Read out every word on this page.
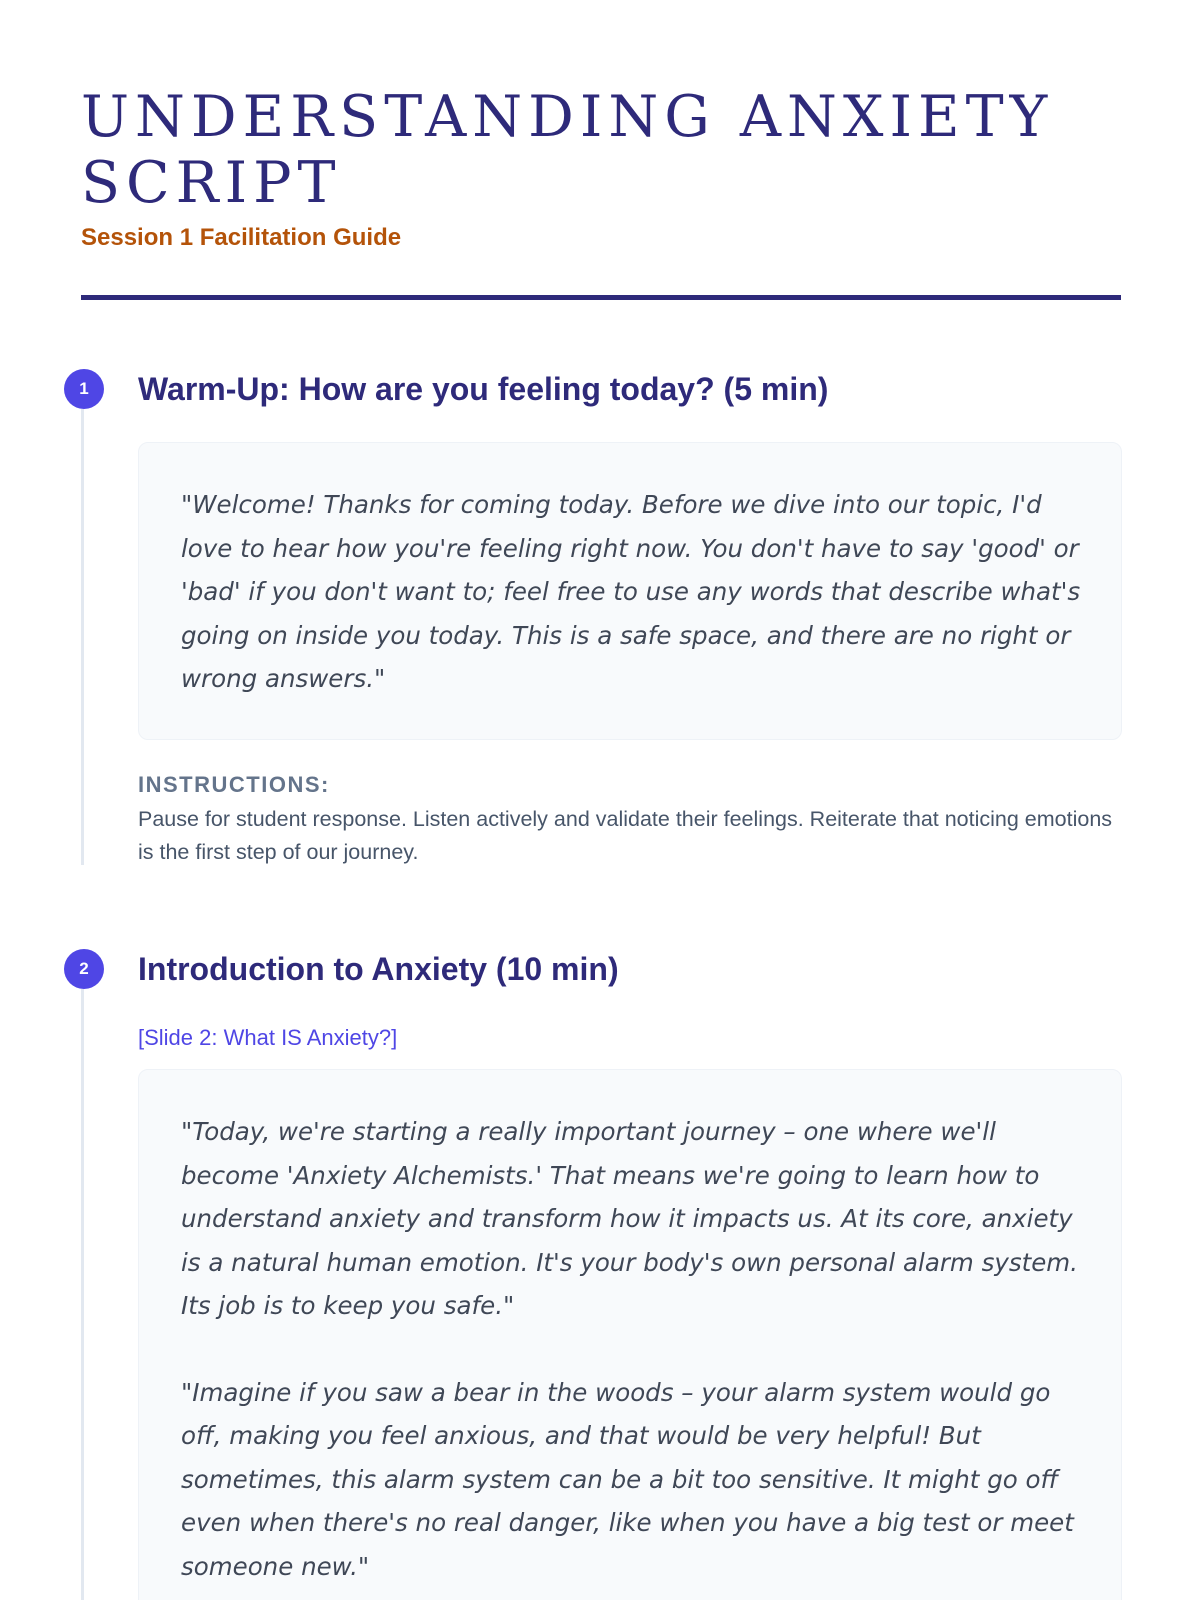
UNDERSTANDING ANXIETY SCRIPT
Session 1 Facilitation Guide
1	Warm-Up: How are you feeling today? (5 min)

"Welcome! Thanks for coming today. Before we dive into our topic, I'd love to hear how you're feeling right now. You don't have to say 'good' or 'bad' if you don't want to; feel free to use any words that describe what's going on inside you today. This is a safe space, and there are no right or wrong answers."

INSTRUCTIONS:
Pause for student response. Listen actively and validate their feelings. Reiterate that noticing emotions is the first step of our journey.
2	Introduction to Anxiety (10 min)
[Slide 2: What IS Anxiety?]

"Today, we're starting a really important journey – one where we'll become 'Anxiety Alchemists.' That means we're going to learn how to understand anxiety and transform how it impacts us. At its core, anxiety is a natural human emotion. It's your body's own personal alarm system. Its job is to keep you safe."

"Imagine if you saw a bear in the woods – your alarm system would go off, making you feel anxious, and that would be very helpful! But sometimes, this alarm system can be a bit too sensitive. It might go off even when there's no real danger, like when you have a big test or meet someone new."
